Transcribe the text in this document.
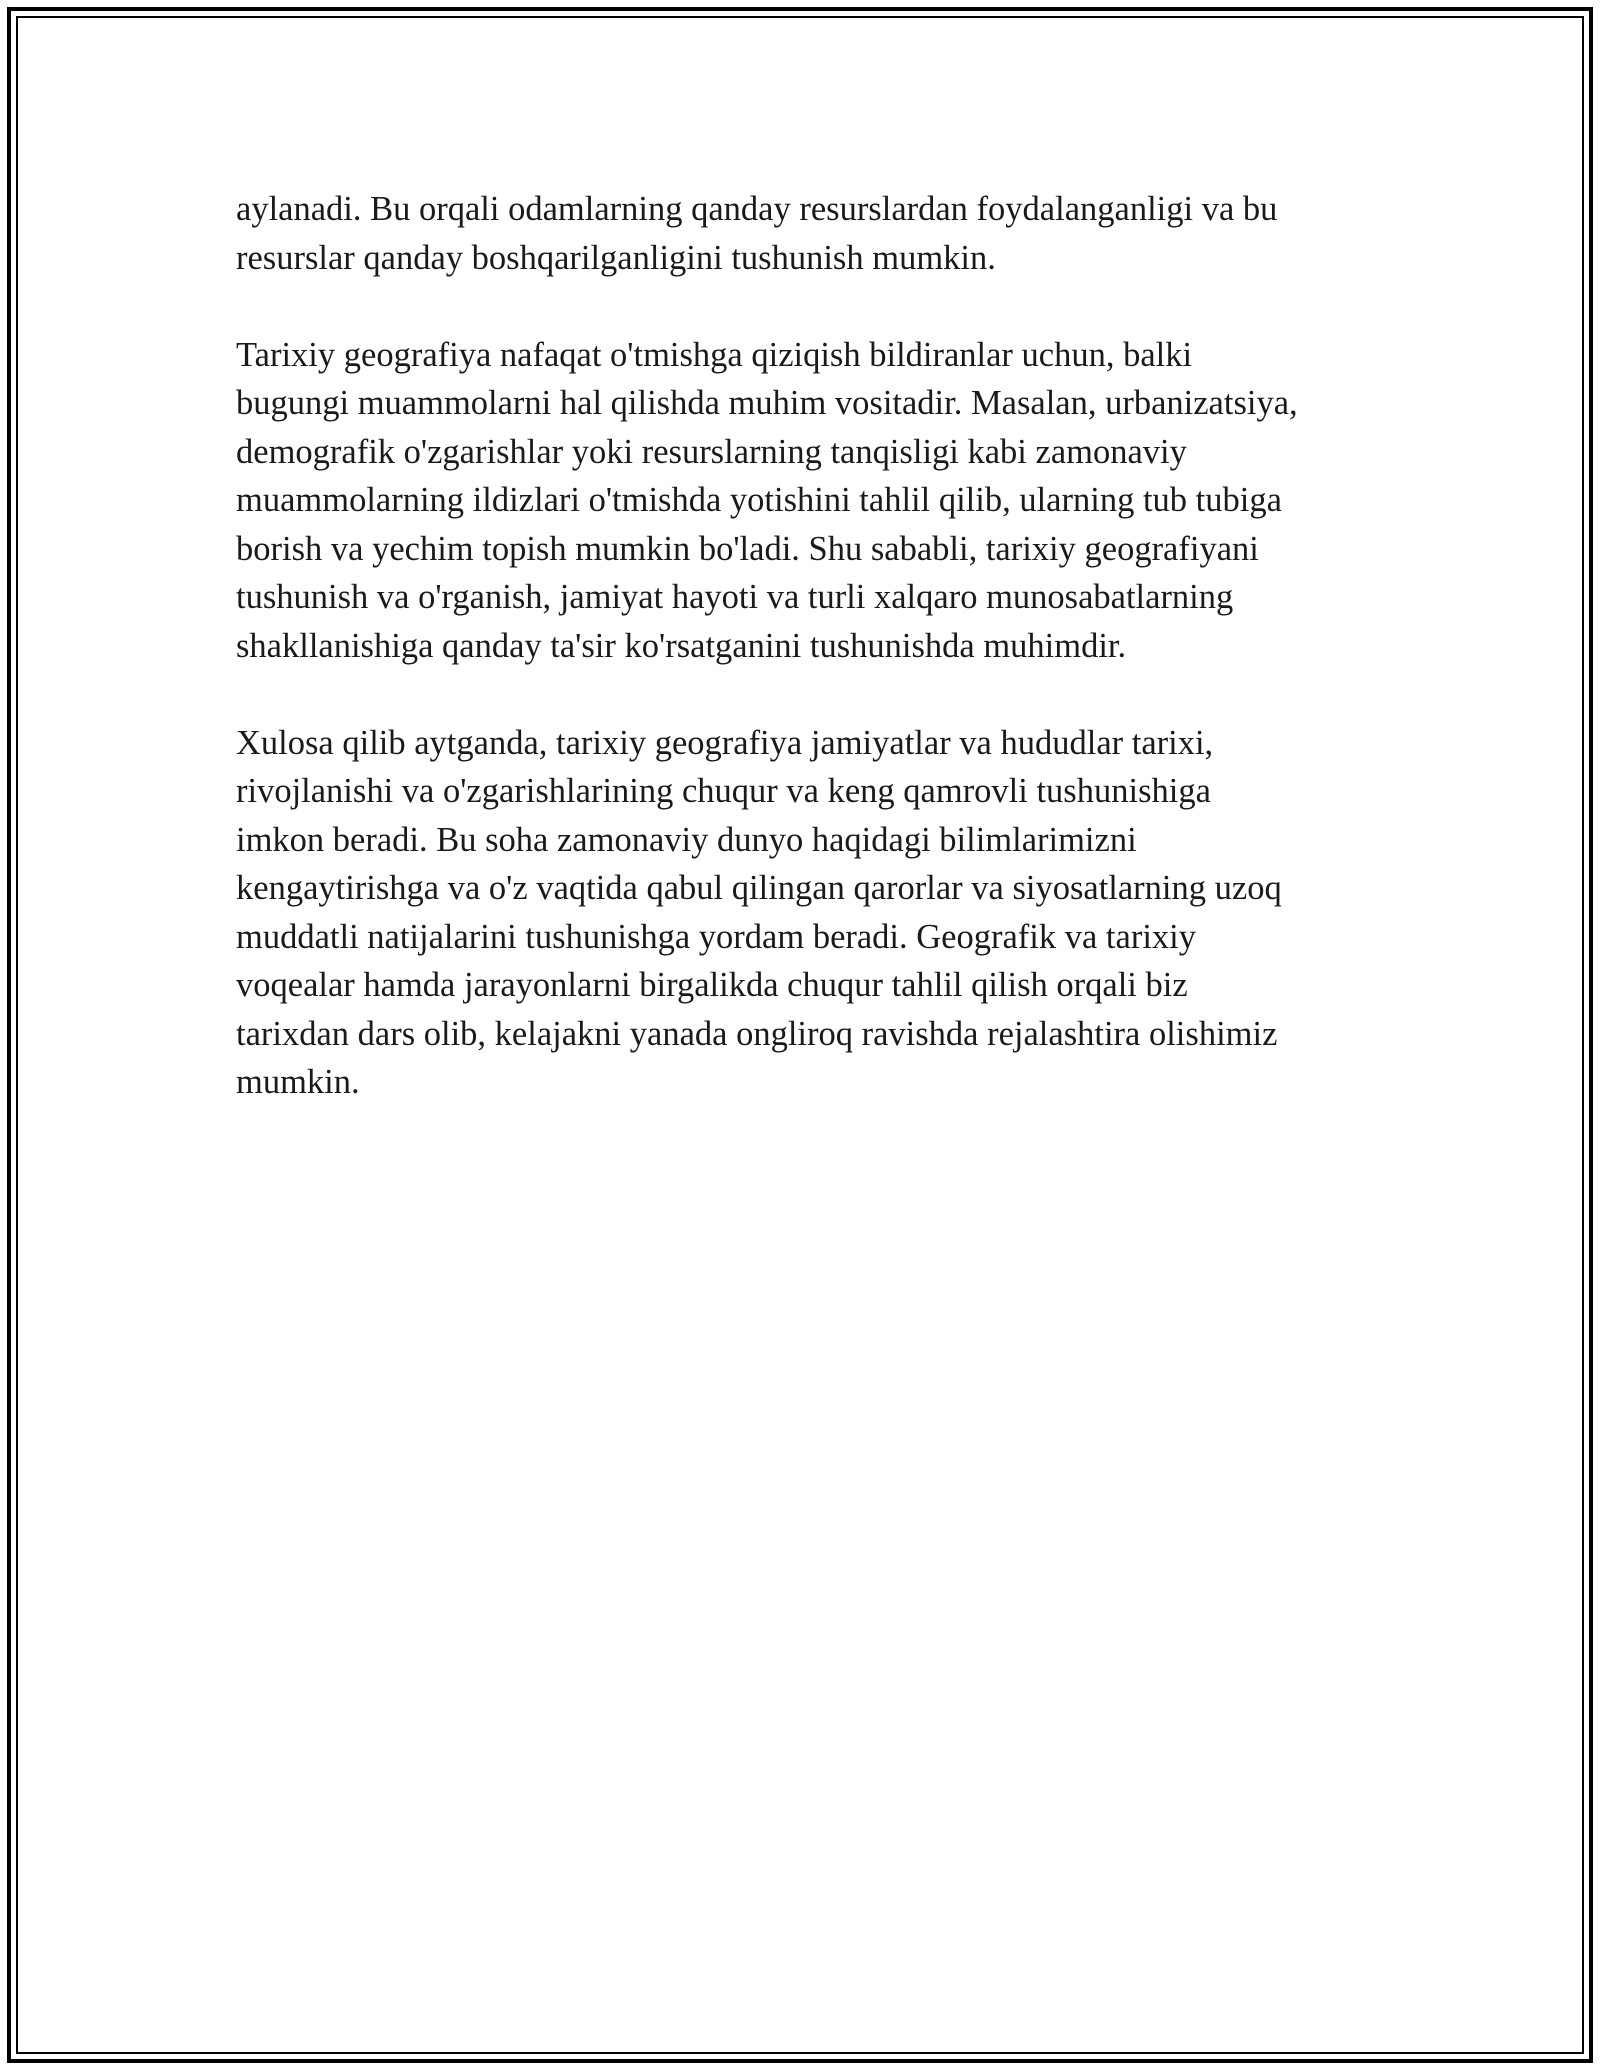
aylanadi. Bu orqali odamlarning qanday resurslardan foydalanganligi va bu
resurslar qanday boshqarilganligini tushunish mumkin.

Tarixiy geografiya nafaqat o'tmishga qiziqish bildiranlar uchun, balki
bugungi muammolarni hal qilishda muhim vositadir. Masalan, urbanizatsiya,
demografik o'zgarishlar yoki resurslarning tanqisligi kabi zamonaviy
muammolarning ildizlari o'tmishda yotishini tahlil qilib, ularning tub tubiga
borish va yechim topish mumkin bo'ladi. Shu sababli, tarixiy geografiyani
tushunish va o'rganish, jamiyat hayoti va turli xalqaro munosabatlarning
shakllanishiga qanday ta'sir ko'rsatganini tushunishda muhimdir.

Xulosa qilib aytganda, tarixiy geografiya jamiyatlar va hududlar tarixi,
rivojlanishi va o'zgarishlarining chuqur va keng qamrovli tushunishiga
imkon beradi. Bu soha zamonaviy dunyo haqidagi bilimlarimizni
kengaytirishga va o'z vaqtida qabul qilingan qarorlar va siyosatlarning uzoq
muddatli natijalarini tushunishga yordam beradi. Geografik va tarixiy
voqealar hamda jarayonlarni birgalikda chuqur tahlil qilish orqali biz
tarixdan dars olib, kelajakni yanada ongliroq ravishda rejalashtira olishimiz
mumkin.
